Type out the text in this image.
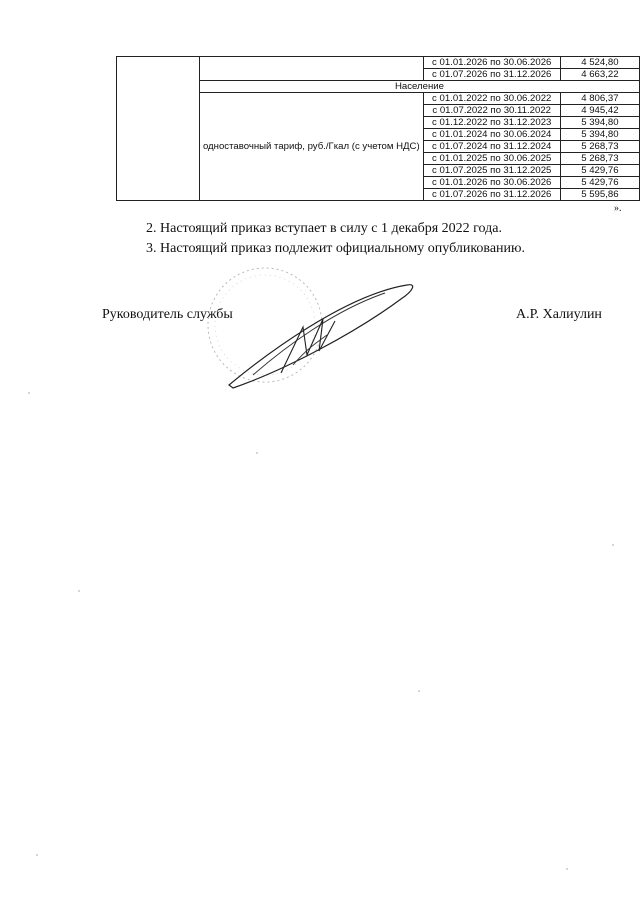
		с 01.01.2026 по 30.06.2026	4 524,80
		с 01.07.2026 по 31.12.2026	4 663,22
	Население		
	одноставочный тариф, руб./Гкал (с учетом НДС)	с 01.01.2022 по 30.06.2022	4 806,37
		с 01.07.2022 по 30.11.2022	4 945,42
		с 01.12.2022 по 31.12.2023	5 394,80
		с 01.01.2024 по 30.06.2024	5 394,80
		с 01.07.2024 по 31.12.2024	5 268,73
		с 01.01.2025 по 30.06.2025	5 268,73
		с 01.07.2025 по 31.12.2025	5 429,76
		с 01.01.2026 по 30.06.2026	5 429,76
		с 01.07.2026 по 31.12.2026	5 595,86
».
2. Настоящий приказ вступает в силу с 1 декабря 2022 года.
3. Настоящий приказ подлежит официальному опубликованию.
Руководитель службы	А.Р. Халиулин
